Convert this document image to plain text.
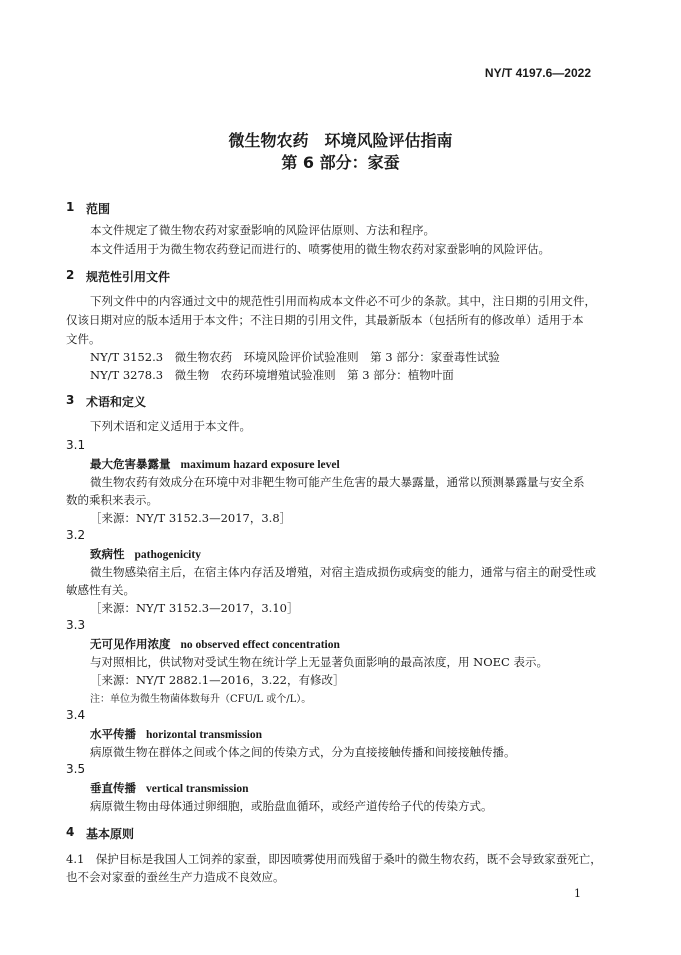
NY/T 4197.6—2022
微生物农药　环境风险评估指南
第 6 部分：家蚕
1 范围
本文件规定了微生物农药对家蚕影响的风险评估原则、方法和程序。
本文件适用于为微生物农药登记而进行的、喷雾使用的微生物农药对家蚕影响的风险评估。
2 规范性引用文件
下列文件中的内容通过文中的规范性引用而构成本文件必不可少的条款。其中，注日期的引用文件，
仅该日期对应的版本适用于本文件；不注日期的引用文件，其最新版本（包括所有的修改单）适用于本
文件。
NY/T 3152.3　微生物农药　环境风险评价试验准则　第 3 部分：家蚕毒性试验
NY/T 3278.3　微生物　农药环境增殖试验准则　第 3 部分：植物叶面
3 术语和定义
下列术语和定义适用于本文件。
3.1
最大危害暴露量 maximum hazard exposure level
微生物农药有效成分在环境中对非靶生物可能产生危害的最大暴露量，通常以预测暴露量与安全系
数的乘积来表示。
［来源：NY/T 3152.3—2017，3.8］
3.2
致病性 pathogenicity
微生物感染宿主后，在宿主体内存活及增殖，对宿主造成损伤或病变的能力，通常与宿主的耐受性或
敏感性有关。
［来源：NY/T 3152.3—2017，3.10］
3.3
无可见作用浓度 no observed effect concentration
与对照相比，供试物对受试生物在统计学上无显著负面影响的最高浓度，用 NOEC 表示。
［来源：NY/T 2882.1—2016，3.22，有修改］
注：单位为微生物菌体数每升（CFU/L 或个/L）。
3.4
水平传播 horizontal transmission
病原微生物在群体之间或个体之间的传染方式，分为直接接触传播和间接接触传播。
3.5
垂直传播 vertical transmission
病原微生物由母体通过卵细胞，或胎盘血循环，或经产道传给子代的传染方式。
4 基本原则
4.1　保护目标是我国人工饲养的家蚕，即因喷雾使用而残留于桑叶的微生物农药，既不会导致家蚕死亡，
也不会对家蚕的蚕丝生产力造成不良效应。
1
